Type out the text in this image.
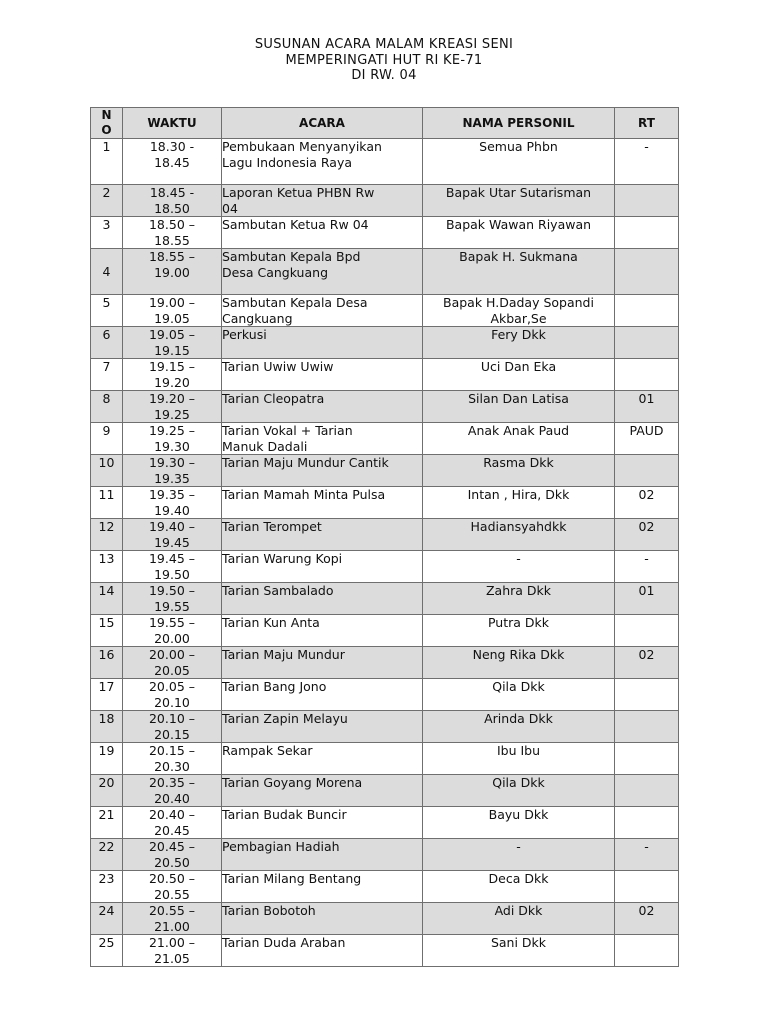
SUSUNAN ACARA MALAM KREASI SENI
MEMPERINGATI HUT RI KE-71
DI RW. 04
N
O	WAKTU	ACARA	NAMA PERSONIL	RT

1	18.30 -
18.45	Pembukaan Menyanyikan
Lagu Indonesia Raya	Semua Phbn	-

2	18.45 -
18.50	Laporan Ketua PHBN Rw
04	Bapak Utar Sutarisman	

3	18.50 –
18.55	Sambutan Ketua Rw 04	Bapak Wawan Riyawan	

4	18.55 –
19.00	Sambutan Kepala Bpd
Desa Cangkuang	Bapak H. Sukmana	

5	19.00 –
19.05	Sambutan Kepala Desa
Cangkuang	Bapak H.Daday Sopandi
Akbar,Se	

6	19.05 –
19.15	Perkusi	Fery Dkk	

7	19.15 –
19.20	Tarian Uwiw Uwiw	Uci Dan Eka	

8	19.20 –
19.25	Tarian Cleopatra	Silan Dan Latisa	01

9	19.25 –
19.30	Tarian Vokal + Tarian
Manuk Dadali	Anak Anak Paud	PAUD

10	19.30 –
19.35	Tarian Maju Mundur Cantik	Rasma Dkk	

11	19.35 –
19.40	Tarian Mamah Minta Pulsa	Intan , Hira, Dkk	02

12	19.40 –
19.45	Tarian Terompet	Hadiansyahdkk	02

13	19.45 –
19.50	Tarian Warung Kopi	-	-

14	19.50 –
19.55	Tarian Sambalado	Zahra Dkk	01

15	19.55 –
20.00	Tarian Kun Anta	Putra Dkk	

16	20.00 –
20.05	Tarian Maju Mundur	Neng Rika Dkk	02

17	20.05 –
20.10	Tarian Bang Jono	Qila Dkk	

18	20.10 –
20.15	Tarian Zapin Melayu	Arinda Dkk	

19	20.15 –
20.30	Rampak Sekar	Ibu Ibu	

20	20.35 –
20.40	Tarian Goyang Morena	Qila Dkk	

21	20.40 –
20.45	Tarian Budak Buncir	Bayu Dkk	

22	20.45 –
20.50	Pembagian Hadiah	-	-

23	20.50 –
20.55	Tarian Milang Bentang	Deca Dkk	

24	20.55 –
21.00	Tarian Bobotoh	Adi Dkk	02

25	21.00 –
21.05	Tarian Duda Araban	Sani Dkk	
